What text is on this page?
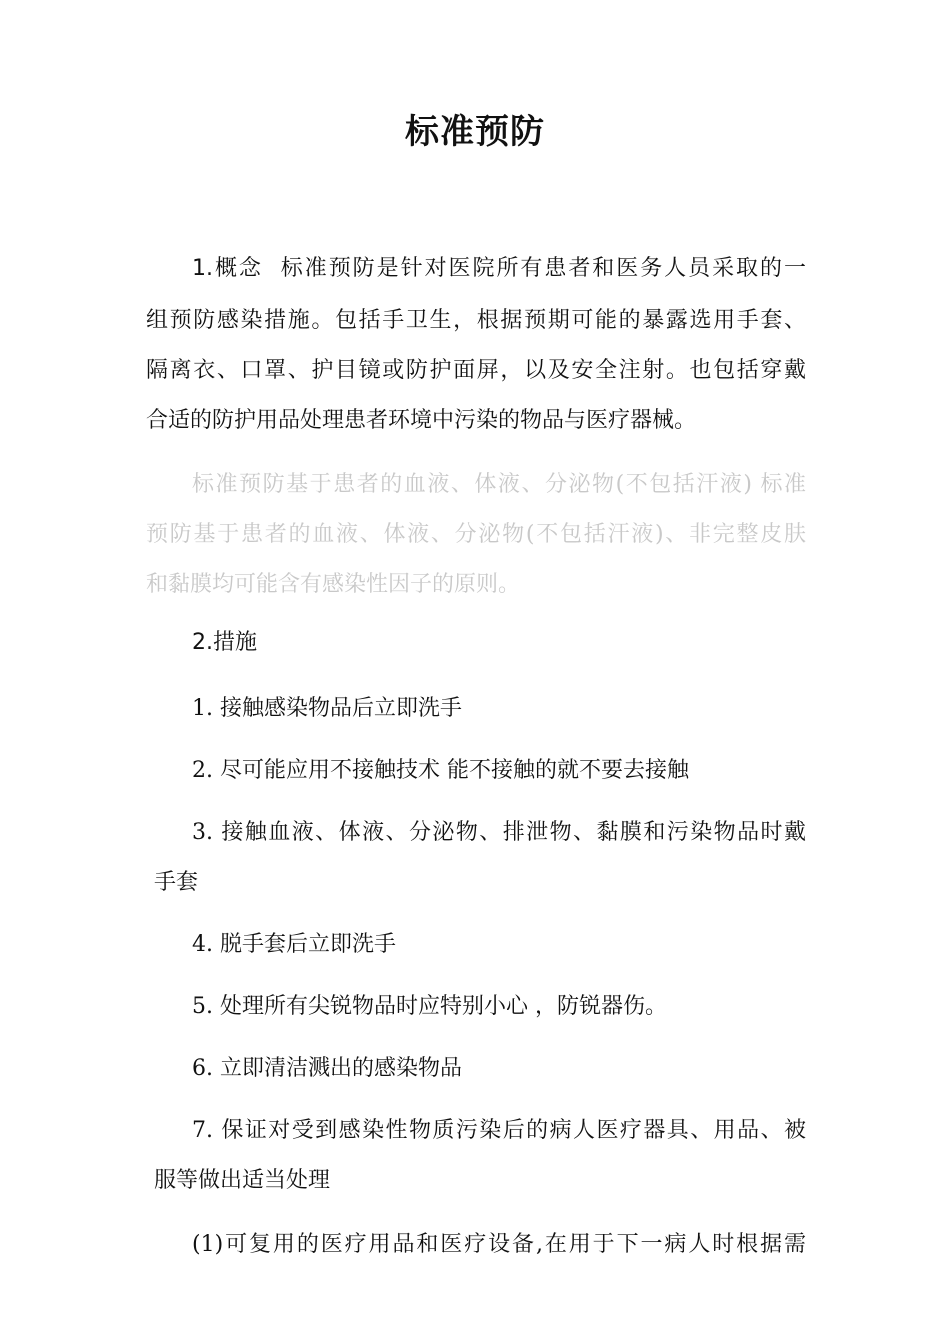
标准预防
1.概念 标准预防是针对医院所有患者和医务人员采取的一
组预防感染措施。包括手卫生，根据预期可能的暴露选用手套、
隔离衣、口罩、护目镜或防护面屏，以及安全注射。也包括穿戴
合适的防护用品处理患者环境中污染的物品与医疗器械。
标准预防基于患者的血液、体液、分泌物(不包括汗液) 标准
预防基于患者的血液、体液、分泌物(不包括汗液)、非完整皮肤
和黏膜均可能含有感染性因子的原则。
2.措施
1. 接触感染物品后立即洗手
2. 尽可能应用不接触技术 能不接触的就不要去接触
3. 接触血液、体液、分泌物、排泄物、黏膜和污染物品时戴
手套
4. 脱手套后立即洗手
5. 处理所有尖锐物品时应特别小心 ，防锐器伤。
6. 立即清洁溅出的感染物品
7. 保证对受到感染性物质污染后的病人医疗器具、用品、被
服等做出适当处理
(1)可复用的医疗用品和医疗设备,在用于下一病人时根据需
